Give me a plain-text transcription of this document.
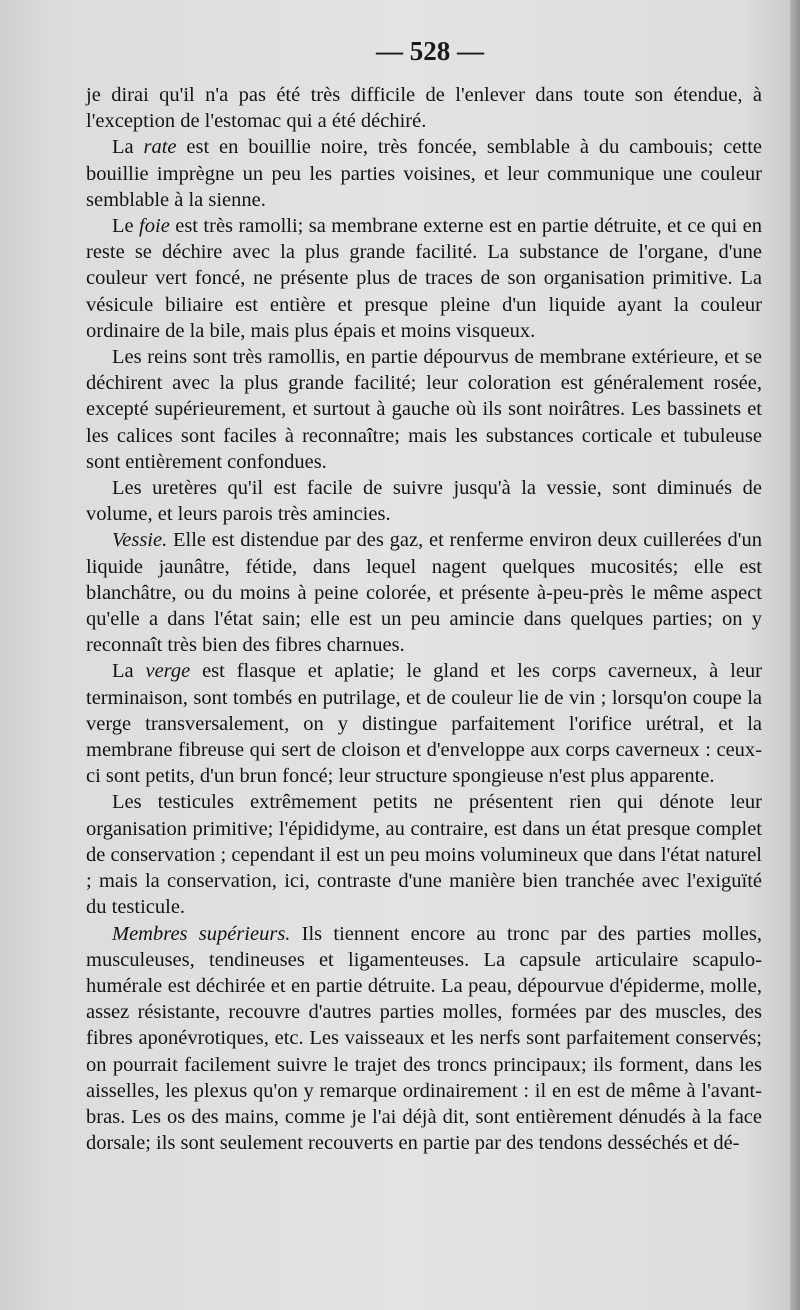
— 528 —

je dirai qu'il n'a pas été très difficile de l'enlever dans toute son étendue, à l'exception de l'estomac qui a été déchiré.

La rate est en bouillie noire, très foncée, semblable à du cambouis; cette bouillie imprègne un peu les parties voisines, et leur communique une couleur semblable à la sienne.

Le foie est très ramolli; sa membrane externe est en partie détruite, et ce qui en reste se déchire avec la plus grande facilité. La substance de l'organe, d'une couleur vert foncé, ne présente plus de traces de son organisation primitive. La vésicule biliaire est entière et presque pleine d'un liquide ayant la couleur ordinaire de la bile, mais plus épais et moins visqueux.

Les reins sont très ramollis, en partie dépourvus de membrane extérieure, et se déchirent avec la plus grande facilité; leur coloration est généralement rosée, excepté supérieurement, et surtout à gauche où ils sont noirâtres. Les bassinets et les calices sont faciles à reconnaître; mais les substances corticale et tubuleuse sont entièrement confondues.

Les uretères qu'il est facile de suivre jusqu'à la vessie, sont diminués de volume, et leurs parois très amincies.

Vessie. Elle est distendue par des gaz, et renferme environ deux cuillerées d'un liquide jaunâtre, fétide, dans lequel nagent quelques mucosités; elle est blanchâtre, ou du moins à peine colorée, et présente à-peu-près le même aspect qu'elle a dans l'état sain; elle est un peu amincie dans quelques parties; on y reconnaît très bien des fibres charnues.

La verge est flasque et aplatie; le gland et les corps caverneux, à leur terminaison, sont tombés en putrilage, et de couleur lie de vin ; lorsqu'on coupe la verge transversalement, on y distingue parfaitement l'orifice urétral, et la membrane fibreuse qui sert de cloison et d'enveloppe aux corps caverneux : ceux-ci sont petits, d'un brun foncé; leur structure spongieuse n'est plus apparente.

Les testicules extrêmement petits ne présentent rien qui dénote leur organisation primitive; l'épididyme, au contraire, est dans un état presque complet de conservation ; cependant il est un peu moins volumineux que dans l'état naturel ; mais la conservation, ici, contraste d'une manière bien tranchée avec l'exiguïté du testicule.

Membres supérieurs. Ils tiennent encore au tronc par des parties molles, musculeuses, tendineuses et ligamenteuses. La capsule articulaire scapulo-humérale est déchirée et en partie détruite. La peau, dépourvue d'épiderme, molle, assez résistante, recouvre d'autres parties molles, formées par des muscles, des fibres aponévrotiques, etc. Les vaisseaux et les nerfs sont parfaitement conservés; on pourrait facilement suivre le trajet des troncs principaux; ils forment, dans les aisselles, les plexus qu'on y remarque ordinairement : il en est de même à l'avant-bras. Les os des mains, comme je l'ai déjà dit, sont entièrement dénudés à la face dorsale; ils sont seulement recouverts en partie par des tendons desséchés et dé-
